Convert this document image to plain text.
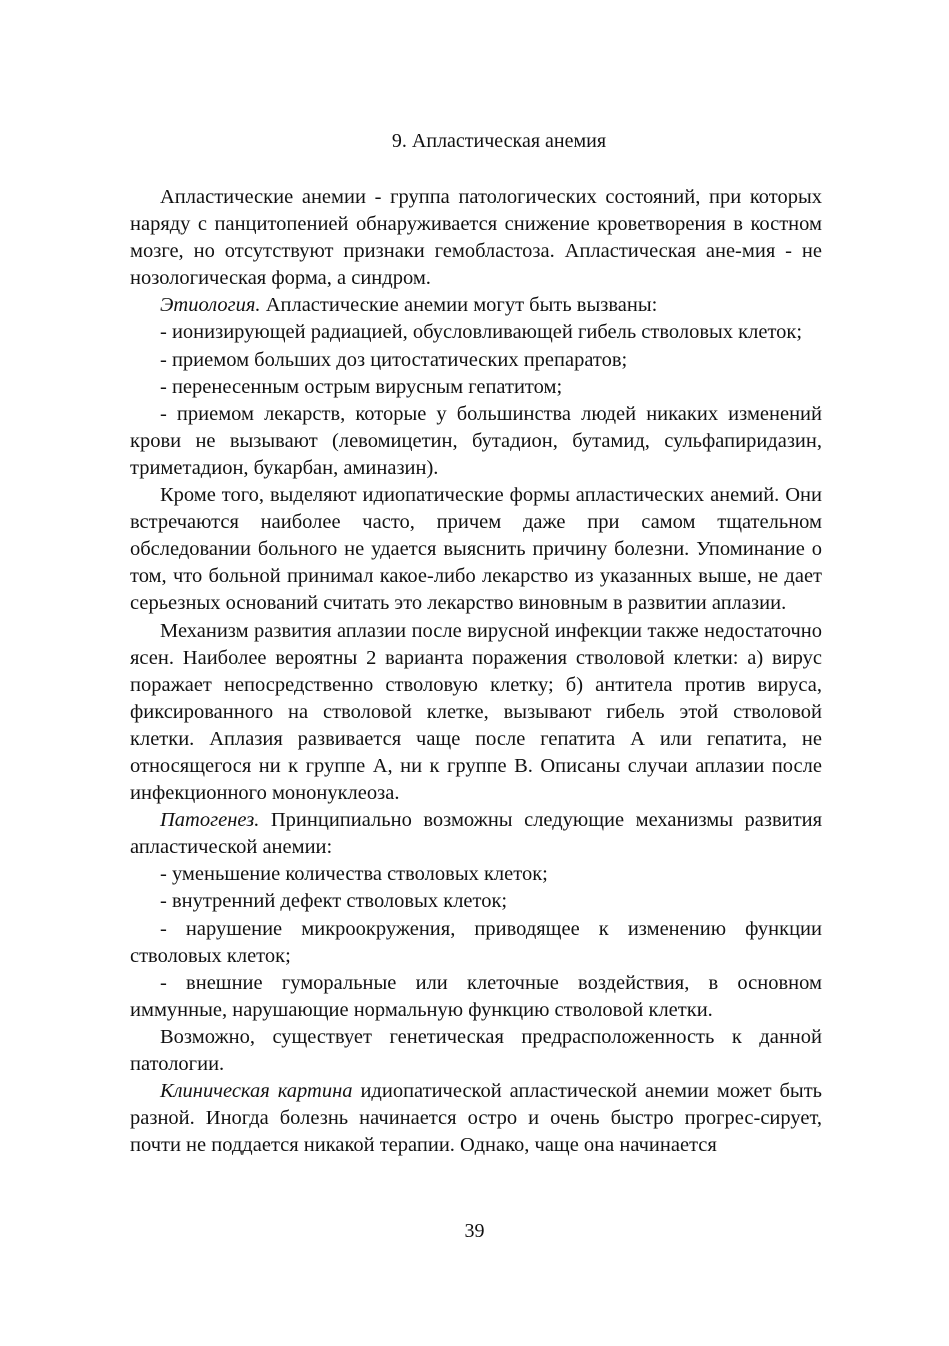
9. Апластическая анемия

Апластические анемии - группа патологических состояний, при которых наряду с панцитопенией обнаруживается снижение кроветворения в костном мозге, но отсутствуют признаки гемобластоза. Апластическая ане-мия - не нозологическая форма, а синдром.

Этиология. Апластические анемии могут быть вызваны:

- ионизирующей радиацией, обусловливающей гибель стволовых клеток;

- приемом больших доз цитостатических препаратов;

- перенесенным острым вирусным гепатитом;

- приемом лекарств, которые у большинства людей никаких изменений крови не вызывают (левомицетин, бутадион, бутамид, сульфапиридазин, триметадион, букарбан, аминазин).

Кроме того, выделяют идиопатические формы апластических анемий. Они встречаются наиболее часто, причем даже при самом тщательном обследовании больного не удается выяснить причину болезни. Упоминание о том, что больной принимал какое-либо лекарство из указанных выше, не дает серьезных оснований считать это лекарство виновным в развитии аплазии.

Механизм развития аплазии после вирусной инфекции также недостаточно ясен. Наиболее вероятны 2 варианта поражения стволовой клетки: а) вирус поражает непосредственно стволовую клетку; б) антитела против вируса, фиксированного на стволовой клетке, вызывают гибель этой стволовой клетки. Аплазия развивается чаще после гепатита А или гепатита, не относящегося ни к группе А, ни к группе В. Описаны случаи аплазии после инфекционного мононуклеоза.

Патогенез. Принципиально возможны следующие механизмы развития апластической анемии:

- уменьшение количества стволовых клеток;

- внутренний дефект стволовых клеток;

- нарушение микроокружения, приводящее к изменению функции стволовых клеток;

- внешние гуморальные или клеточные воздействия, в основном иммунные, нарушающие нормальную функцию стволовой клетки.

Возможно, существует генетическая предрасположенность к данной патологии.

Клиническая картина идиопатической апластической анемии может быть разной. Иногда болезнь начинается остро и очень быстро прогрес-сирует, почти не поддается никакой терапии. Однако, чаще она начинается

39
